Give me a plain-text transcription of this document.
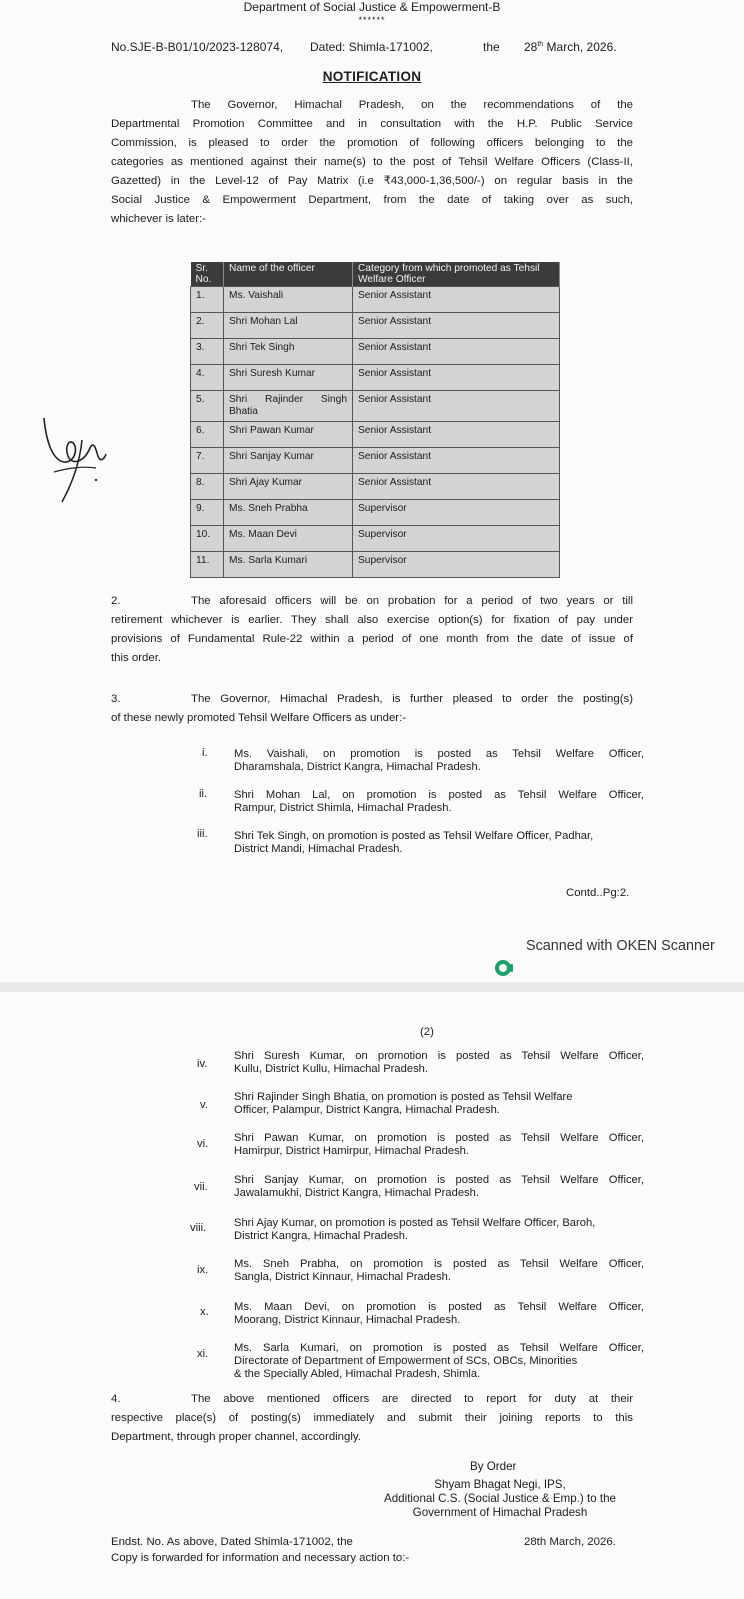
Department of Social Justice & Empowerment-B
******
No.SJE-B-B01/10/2023-128074, Dated: Shimla-171002,	the 28th March, 2026.
NOTIFICATION
The Governor, Himachal Pradesh, on the recommendations of the
Departmental Promotion Committee and in consultation with the H.P. Public Service
Commission, is pleased to order the promotion of following officers belonging to the
categories as mentioned against their name(s) to the post of Tehsil Welfare Officers (Class-II,
Gazetted) in the Level-12 of Pay Matrix (i.e ₹43,000-1,36,500/-) on regular basis in the
Social Justice & Empowerment Department, from the date of taking over as such,
whichever is later:-
Sr. No.	Name of the officer	Category from which promoted as Tehsil Welfare Officer
1.	Ms. Vaishali	Senior Assistant
2.	Shri Mohan Lal	Senior Assistant
3.	Shri Tek Singh	Senior Assistant
4.	Shri Suresh Kumar	Senior Assistant
5.	Shri Rajinder Singh Bhatia	Senior Assistant
6.	Shri Pawan Kumar	Senior Assistant
7.	Shri Sanjay Kumar	Senior Assistant
8.	Shri Ajay Kumar	Senior Assistant
9.	Ms. Sneh Prabha	Supervisor
10.	Ms. Maan Devi	Supervisor
11.	Ms. Sarla Kumari	Supervisor
2.	The aforesaid officers will be on probation for a period of two years or till
retirement whichever is earlier. They shall also exercise option(s) for fixation of pay under
provisions of Fundamental Rule-22 within a period of one month from the date of issue of
this order.
3.	The Governor, Himachal Pradesh, is further pleased to order the posting(s)
of these newly promoted Tehsil Welfare Officers as under:-
i. Ms. Vaishali, on promotion is posted as Tehsil Welfare Officer,
Dharamshala, District Kangra, Himachal Pradesh.
ii. Shri Mohan Lal, on promotion is posted as Tehsil Welfare Officer,
Rampur, District Shimla, Himachal Pradesh.
iii. Shri Tek Singh, on promotion is posted as Tehsil Welfare Officer, Padhar,
District Mandi, Himachal Pradesh.
Contd..Pg:2.
Scanned with OKEN Scanner
(2)
iv.
Shri Suresh Kumar, on promotion is posted as Tehsil Welfare Officer,
Kullu, District Kullu, Himachal Pradesh.
v.
Shri Rajinder Singh Bhatia, on promotion is posted as Tehsil Welfare
Officer, Palampur, District Kangra, Himachal Pradesh.
vi. Shri Pawan Kumar, on promotion is posted as Tehsil Welfare Officer,
Hamirpur, District Hamirpur, Himachal Pradesh.
vii.
Shri Sanjay Kumar, on promotion is posted as Tehsil Welfare Officer,
Jawalamukhi, District Kangra, Himachal Pradesh.
viii. Shri Ajay Kumar, on promotion is posted as Tehsil Welfare Officer, Baroh,
District Kangra, Himachal Pradesh.
ix. Ms. Sneh Prabha, on promotion is posted as Tehsil Welfare Officer,
Sangla, District Kinnaur, Himachal Pradesh.
x. Ms. Maan Devi, on promotion is posted as Tehsil Welfare Officer,
Moorang, District Kinnaur, Himachal Pradesh.
xi. Ms. Sarla Kumari, on promotion is posted as Tehsil Welfare Officer,
Directorate of Department of Empowerment of SCs, OBCs, Minorities
& the Specially Abled, Himachal Pradesh, Shimla.
4.	The above mentioned officers are directed to report for duty at their
respective place(s) of posting(s) immediately and submit their joining reports to this
Department, through proper channel, accordingly.
By Order
Shyam Bhagat Negi, IPS,
Additional C.S. (Social Justice & Emp.) to the
Government of Himachal Pradesh
Endst. No. As above, Dated Shimla-171002, the	28th March, 2026.
Copy is forwarded for information and necessary action to:-
